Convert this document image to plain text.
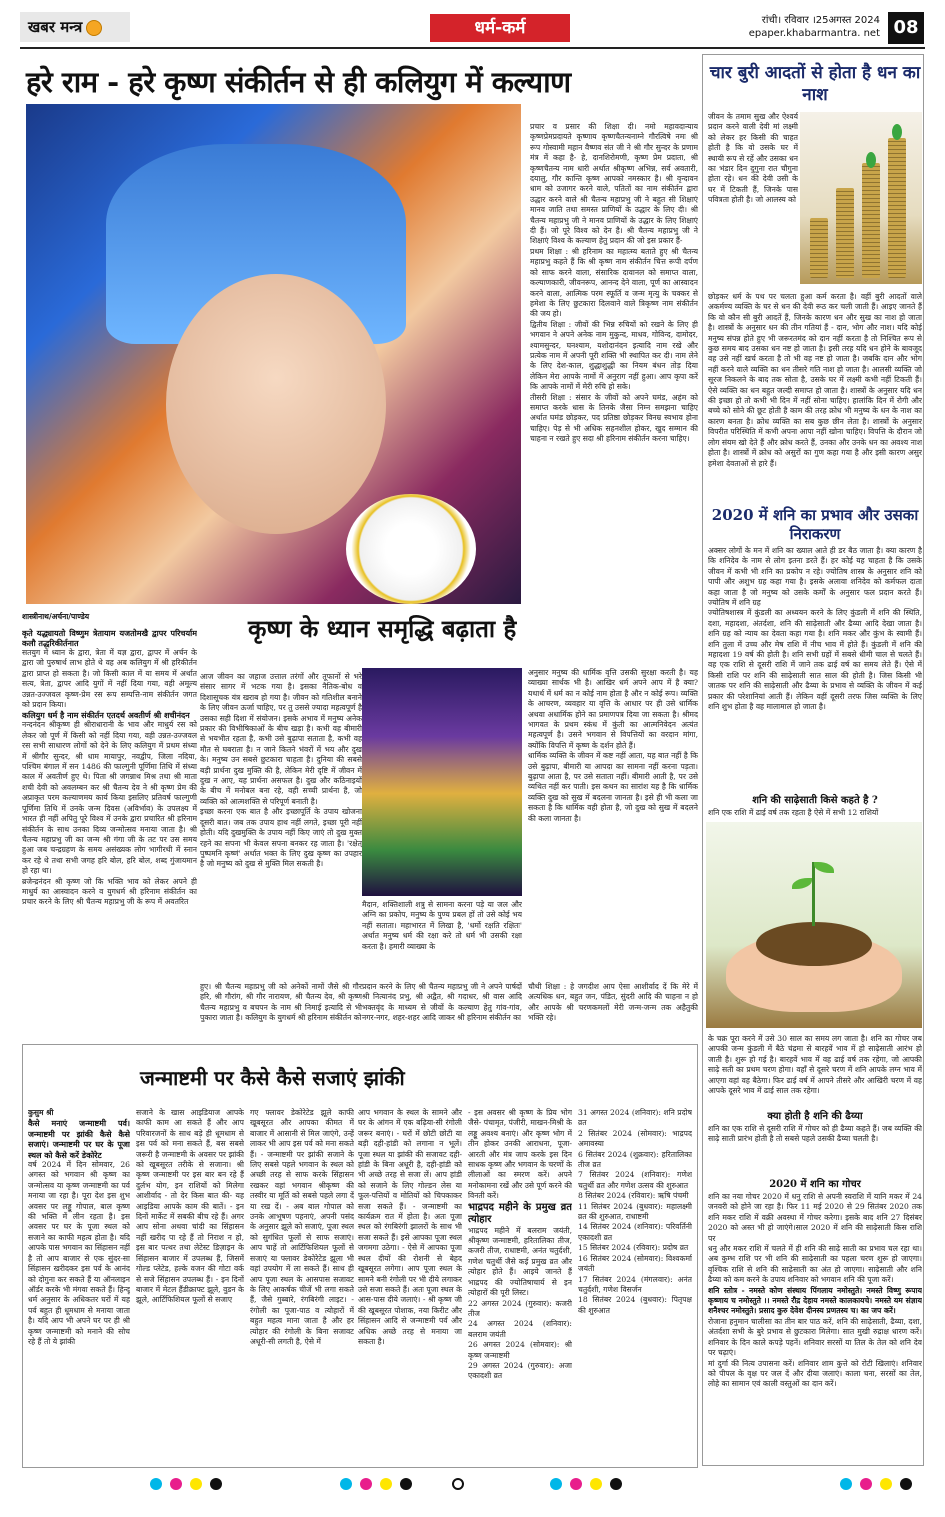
खबर मन्त्र	धर्म-कर्म	रांची। रविवार ।25अगस्त 2024
epaper.khabarmantra. net 08
हरे राम - हरे कृष्ण संकीर्तन से ही कलियुग में कल्याण

प्रचार व प्रसार की शिक्षा दी। नमो महावदान्याय कृष्णप्रेमप्रदायते कृष्णाय कृष्णचैतन्यनाम्ने गौरत्विषे नमः श्री रूप गोस्वामी महान वैष्णव संत जी ने श्री गौर सुन्दर के प्रणाम मंत्र में कहा है- हे, दानशिरोमणी, कृष्ण प्रेम प्रदाता, श्री कृष्णचैतन्य नाम धारी अर्थात श्रीकृष्ण अभिन्न, सर्व अवतारी, दयालु, गौर कान्ति कृष्ण आपको नमस्कार है। श्री वृन्दावन धाम को उजागर करने वाले, पतितों का नाम संकीर्तन द्वारा उद्धार करने वाले श्री चैतन्य महाप्रभु जी ने बहुत सी शिक्षाएं मानव जाति तथा समस्त प्राणियों के उद्धार के लिए दी। श्री चैतन्य महाप्रभु जी ने मानव प्राणियों के उद्धार के लिए शिक्षाएं दी हैं। जो पूरे विश्व को देन है। श्री चैतन्य महाप्रभु जी ने शिक्षाएं विश्व के कल्याण हेतु प्रदान की जो इस प्रकार हैं-

प्रथम शिक्षा : श्री हरिनाम का महात्म्य बताते हुए श्री चैतन्य महाप्रभु कहते हैं कि श्री कृष्ण नाम संकीर्तन चित्त रूपी दर्पण को साफ करने वाला, संसारिक दावानल को समाप्त वाला, कल्याणकारी, जीवनरूप, आनन्द देने वाला, पूर्ण का आस्वादन करने वाला, आत्मिक परम स्फूर्ति व जन्म मृत्यु के चक्कर से हमेशा के लिए छुटकारा दिलवाने वाले त्रिकृष्ण नाम संकीर्तन की जय हो।

द्वितीय शिक्षा : जीवों की भिन्न रुचियों को रखने के लिए ही भगवान ने अपने अनेक नाम मुकुन्द, माधव, गोविन्द, दामोदर, श्यामसुन्दर, घनश्याम, यशोदानंदन इत्यादि नाम रखे और प्रत्येक नाम में अपनी पूरी शक्ति भी स्थापित कर दी। नाम लेने के लिए देश-काल, शुद्धाशुद्धी का नियम बंधन तोड़ दिया लेकिन मेरा आपके नामों में अनुराग नहीं हुआ। आप कृपा करें कि आपके नामों में मेरी रुचि हो सके।

तीसरी शिक्षा : संसार के जीवों को अपने घमंड, अहंम को समाप्त करके धास के तिनके जैसा निम्न समझना चाहिए अर्थात घमंड छोड़कर, पद प्रतिष्ठा छोड़कर विनम्र स्वभाव होना चाहिए। पेड़ से भी अधिक सहनशील होकर, खुद सम्मान की चाहना न रखते हुए सदा श्री हरिनाम संकीर्तन करना चाहिए।

शास्त्रीनाथ/अर्चना/पाण्डेय

कृते यद्ध्यायतो विष्णुम त्रेतायाम यजतोमखै द्वापर परिचर्याम कलौ तद्धरिकीर्तनात

सतयुग में ध्यान के द्वारा, त्रेता में यज्ञ द्वारा, द्वापर में अर्चन के द्वारा जो पुरुषार्थ लाभ होते थे वह अब कलियुग में श्री हरिकीर्तन द्वारा प्राप्त हो सकता है। जो किसी काल में या समय में अर्थात सत्य, त्रेता, द्वापर आदि युगों में नहीं दिया गया, वही अमूल्य उन्नत-उज्जवल कृष्ण-प्रेम रस रूप सम्पत्ति-नाम संकीर्तन जगत को प्रदान किया।

कलियुग धर्म है नाम संकीर्तन एतदर्थ अवतीर्ण श्री शचीनंदन

नन्दनंदन श्रीकृष्ण ही श्रीराधारानी के भाव और माधुर्य रस को लेकर जो पूर्ण में किसी को नहीं दिया गया, वही उन्नत-उज्जवल रस सभी साधारण लोगों को देने के लिए कलियुग में प्रथम संध्या में श्रीगौर सुन्दर, श्री धाम मायापुर, नवद्वीप, जिला नदिया, पश्चिम बंगाल में सन 1486 की फाल्गुनी पूर्णिमा तिथि में संध्या काल में अवतीर्ण हुए थे। पिता श्री जगन्नाथ मिश्र तथा श्री माता शची देवी को अवलम्बन कर श्री चैतन्य देव ने श्री कृष्ण प्रेम की अप्राकृत परम कल्याणमय कार्य किया इसलिए प्रतिवर्ष फाल्गुणी पूर्णिमा तिथि में उनके जन्म दिवस (अविर्भाव) के उपलक्ष्य में भारत ही नहीं अपितु पूरे विश्व में उनके द्वारा प्रचारित श्री हरिनाम संकीर्तन के साथ उनका दिव्य जन्मोत्सव मनाया जाता है। श्री चैतन्य महाप्रभु जी का जन्म श्री गंगा जी के तट पर उस समय हुआ जब चन्द्रग्रहण के समय असंख्यक लोग भागीरथी में स्नान कर रहे थे तथा सभी जगह हरि बोल, हरि बोल, शब्द गुंजायमान हो रहा था।

ब्रजेन्द्रनंदन श्री कृष्ण जो कि भक्ति भाव को लेकर अपने ही माधुर्य का आस्वादन करने व युगधर्म श्री हरिनाम संकीर्तन का प्रचार करने के लिए श्री चैतन्य महाप्रभु जी के रूप में अवतरित

कृष्ण के ध्यान समृद्धि बढ़ाता है

आज जीवन का जहाज उत्ताल तरंगों और तूफानों से भरे संसार सागर में भटक गया है। इसका नैतिक-बोध व दिशासूचक यंत्र खराब हो गया है। जीवन को गतिशील बनाने के लिए जीवन ऊर्जा चाहिए, पर तु उससे ज्यादा महत्वपूर्ण है उसका सही दिशा में संयोजन। इसके अभाव में मनुष्य अनेक प्रकार की विभीषिकाओं के बीच खड़ा है। कभी वह बीमारी से भयभीत रहता है, कभी उसे बुढ़ापा सताता है, कभी वह मौत से घबराता है। न जाने कितने भंवरों में भय और दुख के। मनुष्य उन सबसे छुटकारा चाहता है। दुनिया की सबसे बड़ी प्रार्थना दुख मुक्ति की है, लेकिन मेरी दृष्टि में जीवन में दुख न आए, यह प्रार्थना असफल है। दुख और कठिनाइयों के बीच में मनोबल बना रहे, वही सच्ची प्रार्थना है, जो व्यक्ति को आत्मशक्ति से परिपूर्ण बनाती है।

इच्छा करना एक बात है और इच्छापूर्ति के उपाय खोजना दूसरी बात। जब तक उपाय हाथ नहीं लगते, इच्छा पूरी नहीं होती। यदि दुखमुक्ति के उपाय नहीं किए जाएं तो दुख मुक्त रहने का सपना भी केवल सपना बनकर रह जाता है। 'रक्षेत् पुष्पमनि कृष्णं' अर्थात भक्त के लिए दुख कृष्ण का उपहार है जो मनुष्य को दुख से मुक्ति मिल सकती है।

मैदान, शक्तिशाली शत्रु से सामना करना पड़े या जल और अग्नि का प्रकोप, मनुष्य के पुण्य प्रबल हों तो उसे कोई भय नहीं सताता। महाभारत में लिखा है, 'धर्मो रक्षति रक्षितः' अर्थात मनुष्य धर्म की रक्षा करे तो धर्म भी उसकी रक्षा करता है। हमारी व्याख्या के

अनुसार मनुष्य की धार्मिक वृत्ति उसकी सुरक्षा करती है। यह व्याख्या सार्थक भी है। आखिर धर्म अपने आप में है क्या? यथार्थ में धर्म का न कोई नाम होता है और न कोई रूप। व्यक्ति के आचरण, व्यवहार या वृत्ति के आधार पर ही उसे धार्मिक अथवा अधार्मिक होने का प्रमाणपत्र दिया जा सकता है। श्रीमद भागवत के प्रथम स्कंध में कुंती का आत्मनिवेदन अत्यंत महत्वपूर्ण है। उसने भगवान से विपत्तियों का वरदान मांगा, क्योंकि विपत्ति में कृष्ण के दर्शन होते हैं।

धार्मिक व्यक्ति के जीवन में कष्ट नहीं आता, यह बात नहीं है कि उसे बुढ़ापा, बीमारी या आपदा का सामना नहीं करना पड़ता। बुढ़ापा आता है, पर उसे सताता नहीं। बीमारी आती है, पर उसे व्यथित नहीं कर पाती। इस कथन का सारांश यह है कि धार्मिक व्यक्ति दुख को सुख में बदलना जानता है। इसे ही भी कला जा सकता है कि धार्मिक वही होता है, जो दुख को सुख में बदलने की कला जानता है।

हुए। श्री चैतन्य महाप्रभु जी को अनेकों नामों जैसे श्री गौर हरि, श्री गौरांग, श्री गौर नारायण, श्री चैतन्य देव, श्री कृष्ण चैतन्य महाप्रभु व बचपन के नाम श्री निमाई इत्यादि से भी पुकारा जाता है। कलियुग के युगधर्म श्री हरिनाम संकीर्तन को
प्रदान करने के लिए श्री चैतन्य महाप्रभु जी ने अपने पार्षदों श्री नित्यानंद प्रभु, श्री अद्वैत, श्री गदाधर, श्री वास आदि भक्तवृंद के माध्यम से जीवों के कल्याण हेतु गांव-गांव, नगर-नगर, शहर-शहर आदि जाकर श्री हरिनाम संकीर्तन का
चौथी शिक्षा : हे जगदीश आप ऐसा आशीर्वाद दें कि मेरे में अत्यधिक धन, बहुत जन, पंडित, सुंदरी आदि की चाहना न हो और आपके श्री चरणकमलों मेरी जन्म-जन्म तक अहैतुकी भक्ति रहे।
चार बुरी आदतों से होता है धन का नाश
जीवन के तमाम सुख और ऐश्वर्य प्रदान करने वाली देवी मां लक्ष्मी को लेकर हर किसी की चाहत होती है कि वो उसके घर में स्थायी रूप से रहें और उसका धन का भंडार दिन दुगुना रात चौगुना होता रहे। धन की देवी उसी के घर में टिकती हैं, जिनके पास पवित्रता होती है। जो आलस्य को
छोड़कर धर्म के पथ पर चलता हुआ कर्म करता है। वहीं बुरी आदतों वाले अकर्मण्य व्यक्ति के घर से धन की देवी रूठ कर चली जाती हैं। आइए जानते हैं कि वो कौन सी बुरी आदतें हैं, जिनके कारण धन और सुख का नाश हो जाता है। शास्त्रों के अनुसार धन की तीन गतियां हैं - दान, भोग और नाश। यदि कोई मनुष्य संपन्न होते हुए भी जरूरतमंद को दान नहीं करता है तो निश्चित रूप से कुछ समय बाद उसका धन नष्ट हो जाता है। इसी तरह यदि धन होने के बावजूद वह उसे नहीं खर्च करता है तो भी वह नष्ट हो जाता है। जबकि दान और भोग नहीं करने वाले व्यक्ति का धन तीसरे गति नाश हो जाता है। आलसी व्यक्ति जो सूरज निकलने के बाद तक सोता है, उसके घर में लक्ष्मी कभी नहीं टिकती हैं। ऐसे व्यक्ति का धन बहुत जल्दी समाप्त हो जाता है। शास्त्रों के अनुसार यदि धन की इच्छा हो तो कभी भी दिन में नहीं सोना चाहिए। हालांकि दिन में रोगी और बच्चे को सोने की छूट होती है काम की तरह क्रोध भी मनुष्य के धन के नाश का कारण बनता है। क्रोध व्यक्ति का सब कुछ छीन लेता है। शास्त्रों के अनुसार विपरीत परिस्थिति में कभी अपना आपा नहीं खोना चाहिए। विपत्ति के दौरान जो लोग संयम खो देते हैं और क्रोध करते हैं, उनका और उनके धन का अवश्य नाश होता है। शास्त्रों में क्रोध को असुरों का गुण कहा गया है और इसी कारण असुर हमेशा देवताओं से हारे हैं।
2020 में शनि का प्रभाव और उसका निराकरण

अक्सर लोगों के मन में शनि का ख्याल आते ही डर बैठ जाता है। क्या कारण है कि शनिदेव के नाम से लोग इतना डरते हैं। हर कोई यह चाहता है कि उसके जीवन में कभी भी शनि का प्रकोप न रहे। ज्योतिष शास्त्र के अनुसार शनि को पापी और अशुभ ग्रह कहा गया है। इसके अलावा शनिदेव को कर्मफल दाता कहा जाता है जो मनुष्य को उसके कर्मों के अनुसार फल प्रदान करते हैं। ज्योतिष में शनि ग्रह

ज्योतिषशास्त्र में कुंडली का अध्ययन करने के लिए कुंडली में शनि की स्थिति, दशा, महादशा, अंतर्दशा, शनि की साढ़ेसाती और ढैय्या आदि देखा जाता है। शनि ग्रह को न्याय का देवता कहा गया है। शनि मकर और कुंभ के स्वामी हैं। शनि तुला में उच्च और मेष राशि में नीच भाव में होते हैं। कुंडली में शनि की महादशा 19 वर्ष की होती है। शनि सभी ग्रहों में सबसे धीमी चाल से चलते हैं। वह एक राशि से दूसरी राशि में जाने तक ढाई वर्ष का समय लेते हैं। ऐसे में किसी राशि पर शनि की साढ़ेसाती सात साल की होती है। जिस किसी भी जातक पर शनि की साढ़ेसाती और ढैय्या के प्रभाव से व्यक्ति के जीवन में कई प्रकार की परेशानियां आती हैं। लेकिन वहीं दूसरी तरफ जिस व्यक्ति के लिए शनि शुभ होता है वह मालामाल हो जाता है।

शनि की साढ़ेसाती किसे कहते है ?
शनि एक राशि में ढाई वर्ष तक रहता है ऐसे में सभी 12 राशियों
के चक्र पूरा करने में उसे 30 साल का समय लग जाता है। शनि का गोचर जब आपकी जन्म कुंडली में बैठे चंद्रमा से बारहवें भाव में हो साढ़ेसाती आरंभ हो जाती है। शुरू हो गई है। बारहवें भाव में वह ढाई वर्ष तक रहेगा, जो आपकी साढ़े सती का प्रथम चरण होगा। वहाँ से दूसरे चरण में शनि आपके लग्न भाव में आएगा वहां वह बैठेगा। फिर ढाई वर्ष में आपने तीसरे और आखिरी चरण में वह आपके दूसरे भाव में ढाई साल तक रहेगा।
क्या होती है शनि की ढैय्या
शनि का एक राशि से दूसरी राशि में गोचर को ही ढैय्या कहते हैं। जब व्यक्ति की साढ़े साती प्रारंभ होती है तो सबसे पहले उसकी ढैय्या चलती है।
2020 में शनि का गोचर

शनि का नया गोचर 2020 में धनु राशि से अपनी स्वराशि में यानि मकर में 24 जनवरी को होने जा रहा है। फिर 11 मई 2020 से 29 सितंबर 2020 तक शनि मकर राशि में वक्री अवस्था में गोचर करेगा। इसके बाद शनि 27 दिसंबर 2020 को अस्त भी हो जाएंगे।साल 2020 में शनि की साढ़ेसाती किस राशि पर

धनु और मकर राशि में चलते में ही शनि की साढ़े साती का प्रभाव चल रहा था। अब कुम्भ राशि पर भी शनि की साढ़ेसाती का पहला चरण शुरू हो जाएगा। वृश्चिक राशि से शनि की साढ़ेसाती का अंत हो जाएगा। साढ़ेसाती और शनि ढैय्या को कम करने के उपाय शनिवार को भगवान शनि की पूजा करें।

शनि स्तोत्र - नमस्ते कोण संस्थाय पिंगलाय नमोस्तुते। नमस्ते विष्णु रूपाय कृष्णाय च नमोस्तुते ।। नमस्ते रौद्र देहाय नमस्ते कालकायचे। नमस्ते यम संज्ञाय शनैश्चर नमोस्तुते। प्रसाद कुरु देवेश दीनस्य प्रणतस्य च। का जप करें।

रोजाना हनुमान चालीसा का तीन बार पाठ करें, शनि की साढ़ेसाती, ढैय्या, दशा, अंतर्दशा सभी के बुरे प्रभाव से छुटकारा मिलेगा। सात मुखी रुद्राक्ष धारण करें। शनिवार के दिन काले कपड़े पहनें। शनिवार सरसों या तिल के तेल को शनि देव पर चढ़ाएं।

मां दुर्गा की नित्य उपासना करें। शनिवार शाम कुत्ते को रोटी खिलाएं। शनिवार को पीपल के वृक्ष पर जल दें और दीया जलाएं। काला चना, सरसों का तेल, लोहे का सामान एवं काली वस्तुओं का दान करें।

जन्माष्टमी पर कैसे कैसे सजाएं झांकी

कुसुम श्री

कैसे मनाएं जन्माष्टमी पर्व। जन्माष्टमी पर झांकी कैसे कैसे सजाएं। जन्माष्टमी पर घर के पूजा स्थल को कैसे करें डेकोरेट

वर्ष 2024 में दिन सोमवार, 26 अगस्त को भगवान श्री कृष्ण का जन्मोत्सव या कृष्ण जन्माष्टमी का पर्व मनाया जा रहा है। पूरा देश इस शुभ अवसर पर लड्डू गोपाल, बाल कृष्ण की भक्ति में लीन रहता है। इस अवसर पर घर के पूजा स्थल को सजाने का काफी महत्व होता है। यदि आपके पास भगवान का सिंहासन नहीं है तो आप बाजार से एक सुंदर-सा सिंहासन खरीदकर इस पर्व के आनंद को दोगुना कर सकते हैं या ऑनलाइन ऑर्डर करके भी मंगवा सकते हैं। हिन्दू धर्म अनुसार के अधिकतर घरों में यह पर्व बहुत ही धूमधाम से मनाया जाता है। यदि आप भी अपने घर पर ही श्री कृष्ण जन्माष्टमी को मनाने की सोच रहे हैं तो ये झांकी

सजाने के खास आइडियाज आपके काफी काम आ सकते हैं और आप परिवारजनों के साथ बड़े ही धूमधाम से इस पर्व को मना सकते हैं, बस सबसे जरूरी है जन्माष्टमी के अवसर पर झांकी को खूबसूरत तरीके से सजाना। श्री कृष्ण जन्माष्टमी पर इस बार बन रहे हैं दुर्लभ योग, इन राशियों को मिलेगा आशीर्वाद - तो देर किस बात की- यह आइडिया आपके काम की बातें। - इन दिनों मार्केट में सबकी बीच रहे हैं। अगर आप सोना अथवा चांदी का सिंहासन नहीं खरीद पा रहे हैं तो निराश न हो, इस बार पत्थर तथा लेटेस्ट डिज़ाइन के सिंहासन बाजार में उपलब्ध हैं, जिसमें गोल्ड प्लेटेड, हल्के वजन की गोटा वर्क से सजे सिंहासन उपलब्ध हैं। - इन दिनों बाजार में मेटल हैंडीक्राफ्ट झूले, वुडन के झूले, आर्टिफिशियल फूलों से सजाए
गए फ्लावर डेकोरेटेड झूले काफी खूबसूरत और आपका कीमत में बाजार में आसानी से मिल जाएंगे, उन्हें लाकर भी आप इस पर्व को मना सकते हैं। - जन्माष्टमी पर झांकी सजाने के लिए सबसे पहले भगवान के स्थल को अच्छी तरह से साफ करके सिंहासन रखकर वहां भगवान श्रीकृष्ण की तस्वीर या मूर्ति को सबसे पहले लगा दें या रख दें। - अब बाल गोपाल को उनके आभूषण पहनाएं, अपनी पसंद के अनुसार झूले को सजाएं, पूजा स्थल को सुगंधित फूलों से साफ सजाएं। आप चाहें तो आर्टिफिशियल फूलों से सजाएं या फ्लावर डेकोरेटेड झूला भी वहां उपयोग में ला सकते हैं। साथ ही आप पूजा स्थल के आसपास सजावट के लिए आकर्षक चीजें भी लगा सकते हैं, जैसे गुब्बारे, रंगबिरंगी लाइट। - रंगोली का पूजा-पाठ व त्योहारों में बहुत महत्व माना जाता है और हर त्योहार की रंगोली के बिना सजावट अधूरी-सी लगती है, ऐसे में
आप भगवान के स्थल के सामने और घर के आंगन में एक बढ़िया-सी रंगोली जरूर बनाएं। - घरों में छोटी छोटी या बड़ी दही-हांडी को लगाना न भूलें। पूजा स्थल या झांकी की सजावट दही-हांडी के बिना अधूरी है, दही-हांडी को भी अच्छे तरह से सजा लें। आप हांडी को सजाने के लिए गोल्डन लेस या फूल-पत्तियों व मोतियों को चिपकाकर सजा सकते हैं। - जन्माष्टमी का कार्यक्रम रात में होता है। अतः पूजा स्थल को रंगबिरंगी झालरों के साथ भी सजा सकते हैं। इसे आपका पूजा स्थल जगमगा उठेगा। - ऐसे में आपका पूजा स्थल दीयों की रोशनी से बेहद खूबसूरत लगेगा। आप पूजा स्थल के सामने बनी रंगोली पर भी दीये लगाकर उसे सजा सकते हैं। अतः पूजा स्थल के आस-पास दीये जलाएं। - श्री कृष्ण जी की खूबसूरत पोशाक, नया किरीट और सिंहासन आदि से जन्माष्टमी पर्व और अधिक अच्छे तरह से मनाया जा सकता है।

- इस अवसर श्री कृष्ण के प्रिय भोग जैसे- पंचामृत, पंजीरी, माखन-मिश्री के लड्डू अवश्य बनाएं। और कृष्ण भोग में तीन होकर उनकी आराधना, पूजा-आरती और मंत्र जाप करके इस दिन साधक कृष्ण और भगवान के चरणों के लीलाओं का स्मरण करें। अपने मनोकामना रखें और उसे पूर्ण करने की विनती करें।

भाद्रपद महीने के प्रमुख व्रत त्योहार

भाद्रपद महीने में बलराम जयंती, श्रीकृष्ण जन्माष्टमी, हरितालिका तीज, कजरी तीज, राधाष्टमी, अनंत चतुर्दशी, गणेश चतुर्थी जैसे कई प्रमुख व्रत और त्योहार होते हैं। आइये जानते हैं भाद्रपद की ज्योतिषाचार्य से इन त्योहारों की पूरी लिस्ट।

22 अगस्त 2024 (गुरुवार): कजरी तीज

24 अगस्त 2024 (शनिवार): बलराम जयंती

26 अगस्त 2024 (सोमवार): श्री कृष्ण जन्माष्टमी

29 अगस्त 2024 (गुरुवार): अजा एकादशी व्रत

31 अगस्त 2024 (शनिवार): शनि प्रदोष व्रत

2 सितंबर 2024 (सोमवार): भाद्रपद अमावस्या

6 सितंबर 2024 (शुक्रवार): हरितालिका तीज व्रत

7 सितंबर 2024 (शनिवार): गणेश चतुर्थी व्रत और गणेश उत्सव की शुरुआत

8 सितंबर 2024 (रविवार): ऋषि पंचमी

11 सितंबर 2024 (बुधवार): महालक्ष्मी व्रत की शुरुआत, राधाष्टमी

14 सितंबर 2024 (शनिवार): परिवर्तिनी एकादशी व्रत

15 सितंबर 2024 (रविवार): प्रदोष व्रत

16 सितंबर 2024 (सोमवार): विश्वकर्मा जयंती

17 सितंबर 2024 (मंगलवार): अनंत चतुर्दशी, गणेश विसर्जन

18 सितंबर 2024 (बुधवार): पितृपक्ष की शुरुआत
